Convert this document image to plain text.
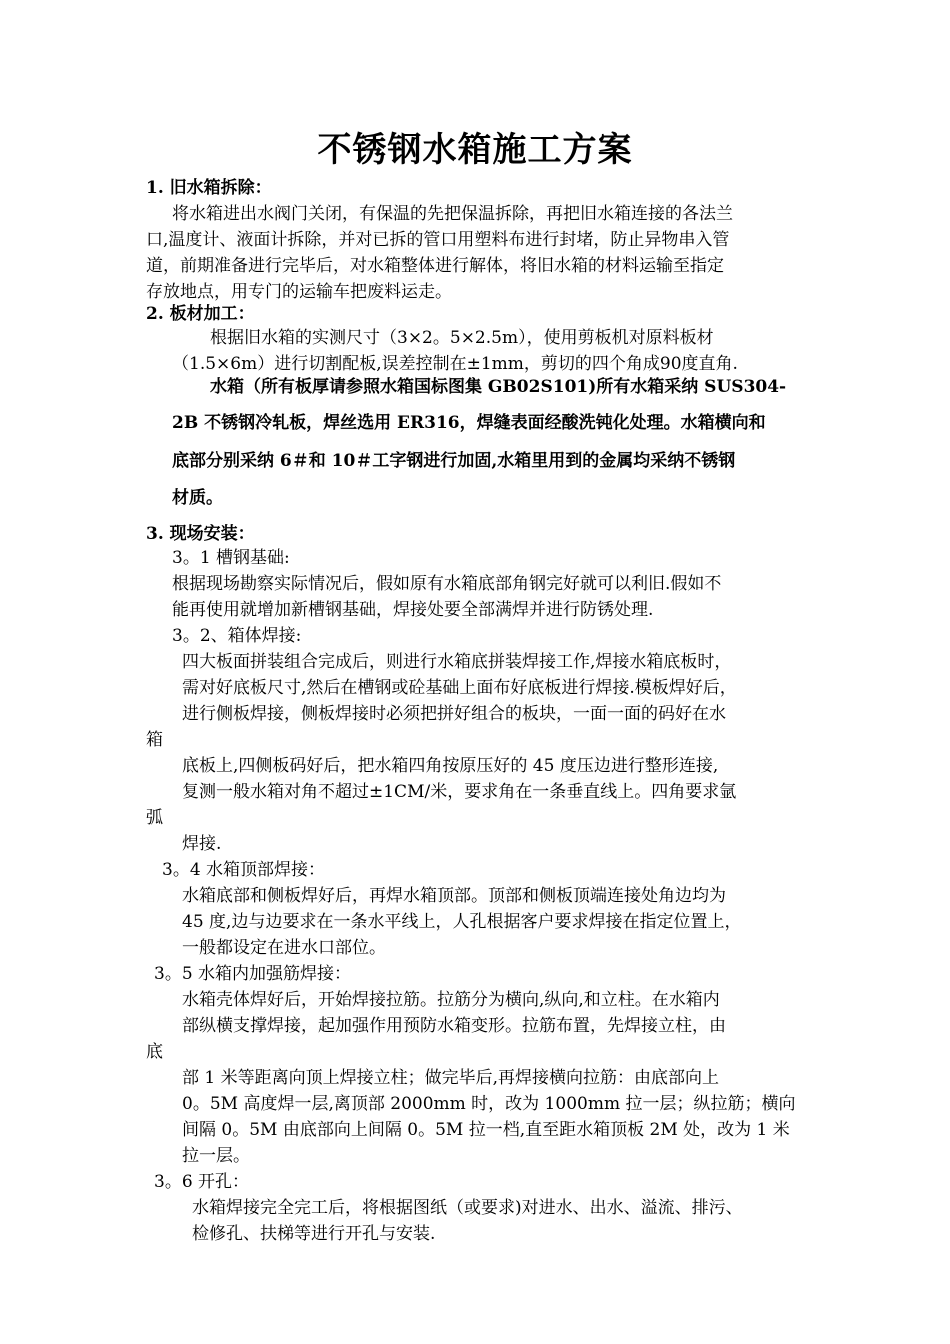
不锈钢水箱施工方案
1. 旧水箱拆除：
将水箱进出水阀门关闭，有保温的先把保温拆除，再把旧水箱连接的各法兰
口,温度计、液面计拆除，并对已拆的管口用塑料布进行封堵，防止异物串入管
道，前期准备进行完毕后，对水箱整体进行解体，将旧水箱的材料运输至指定
存放地点，用专门的运输车把废料运走。
2. 板材加工：
根据旧水箱的实测尺寸（3×2。5×2.5m），使用剪板机对原料板材
（1.5×6m）进行切割配板,误差控制在±1mm，剪切的四个角成90度直角.
水箱（所有板厚请参照水箱国标图集 GB02S101)所有水箱采纳 SUS304-
2B 不锈钢冷轧板，焊丝选用 ER316，焊缝表面经酸洗钝化处理。水箱横向和
底部分别采纳 6＃和 10＃工字钢进行加固,水箱里用到的金属均采纳不锈钢
材质。
3. 现场安装：
3。1 槽钢基础:
根据现场勘察实际情况后，假如原有水箱底部角钢完好就可以利旧.假如不
能再使用就增加新槽钢基础，焊接处要全部满焊并进行防锈处理.
3。2、箱体焊接:
四大板面拼装组合完成后，则进行水箱底拼装焊接工作,焊接水箱底板时，
需对好底板尺寸,然后在槽钢或砼基础上面布好底板进行焊接.模板焊好后，
进行侧板焊接，侧板焊接时必须把拼好组合的板块，一面一面的码好在水
箱
底板上,四侧板码好后，把水箱四角按原压好的 45 度压边进行整形连接,
复测一般水箱对角不超过±1CM/米，要求角在一条垂直线上。四角要求氩
弧
焊接.
3。4 水箱顶部焊接：
水箱底部和侧板焊好后，再焊水箱顶部。顶部和侧板顶端连接处角边均为
45 度,边与边要求在一条水平线上，人孔根据客户要求焊接在指定位置上，
一般都设定在进水口部位。
3。5 水箱内加强筋焊接：
水箱壳体焊好后，开始焊接拉筋。拉筋分为横向,纵向,和立柱。在水箱内
部纵横支撑焊接，起加强作用预防水箱变形。拉筋布置，先焊接立柱，由
底
部 1 米等距离向顶上焊接立柱；做完毕后,再焊接横向拉筋：由底部向上
0。5M 高度焊一层,离顶部 2000mm 时，改为 1000mm 拉一层；纵拉筋；横向
间隔 0。5M 由底部向上间隔 0。5M 拉一档,直至距水箱顶板 2M 处，改为 1 米
拉一层。
3。6 开孔：
水箱焊接完全完工后，将根据图纸（或要求)对进水、出水、溢流、排污、
检修孔、扶梯等进行开孔与安装.
